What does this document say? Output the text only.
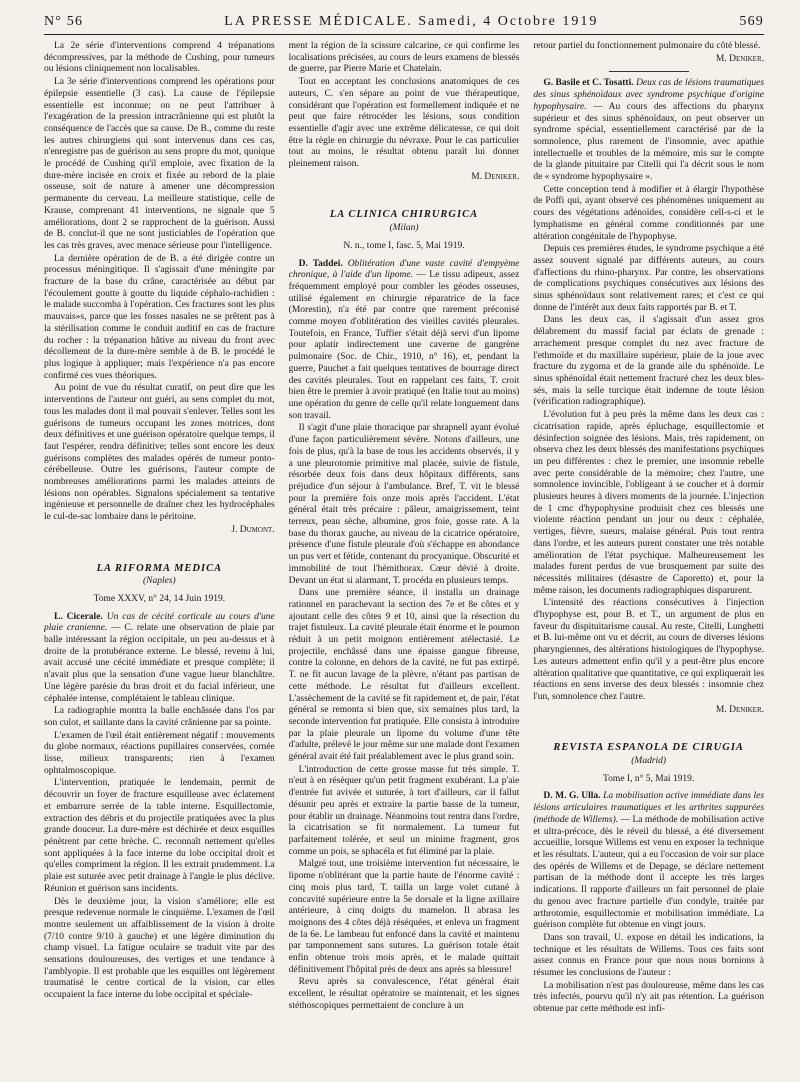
N° 56	LA PRESSE MÉDICALE. Samedi, 4 Octobre 1919	569

La 2e série d'interventions comprend 4 trépanations décompressives, par la méthode de Cushing, pour tumeurs ou lésions cliniquement non localisables.

La 3e série d'interventions comprend les opérations pour épilepsie essentielle (3 cas). La cause de l'épilepsie essentielle est inconnue; on ne peut l'attribuer à l'exagération de la pression intracrânienne qui est plutôt la conséquence de l'accès que sa cause. De B., comme du reste les autres chirurgiens qui sont intervenus dans ces cas, n'enregistre pas de guérison au sens propre du mot, quoique le procédé de Cushing qu'il emploie, avec fixation de la dure-mère incisée en croix et fixée au rebord de la plaie osseuse, soit de nature à amener une décompression permanente du cerveau. La meilleure statistique, celle de Krause, comprenant 41 interventions, ne signale que 5 améliorations, dont 2 se rapprochent de la guérison. Aussi de B. conclut-il que ne sont justiciables de l'opération que les cas très graves, avec menace sérieuse pour l'intelligence.

La dernière opération de de B. a été dirigée contre un processus méningitique. Il s'agissait d'une méningite par fracture de la base du crâne, caractérisée au début par l'écoulement goutte à goutte du liquide céphalo-rachidien : le malade succomba à l'opération. Ces fractures sont les plus mauvais»s, parce que les fosses nasales ne se prêtent pas à la stérilisation comme le conduit auditif en cas de fracture du rocher : la trépanation hâtive au niveau du front avec décollement de la dure-mère semble à de B. le procédé le plus logique à appliquer; mais l'expérience n'a pas encore confirmé ces vues théoriques.

Au point de vue du résultat curatif, on peut dire que les interventions de l'auteur ont guéri, au sens complet du mot, tous les malades dont il mal pouvait s'enlever. Telles sont les guérisons de tumeurs occupant les zones motrices, dont deux définitives et une guérison opératoire quelque temps, il faut l'espérer, rendra définitive; telles sont encore les deux guérisons complètes des malades opérés de tumeur ponto-cérébelleuse. Outre les guérisons, l'auteur compte de nombreuses améliorations parmi les malades atteints de lésions non opérables. Signalons spécialement sa tentative ingénieuse et personnelle de draîner chez les hydrocéphales le cul-de-sac lombaire dans le péritoine.

J. Dumont.
LA RIFORMA MEDICA
(Naples)
Tome XXXV, n° 24, 14 Juin 1919.

L. Cicerale. Un cas de cécité corticale au cours d'une plaie cranienne. — C. relate une observation de plaie par balle intéressant la région occipitale, un peu au-dessus et à droite de la protubérance externe. Le blessé, revenu à lui, avait accusé une cécité immédiate et presque complète; il n'avait plus que la sensation d'une vague lueur blanchâtre. Une légère parésie du bras droit et du facial inférieur, une céphalée intense, complétaient le tableau clinique.

La radiographie montra la balle enchâssée dans l'os par son culot, et saillante dans la cavité crânienne par sa pointe.

L'examen de l'œil était entièrement négatif : mouvements du globe normaux, réactions pupillaires conservées, cornée lisse, milieux transparents; rien à l'examen ophtalmoscopique.

L'intervention, pratiquée le lendemain, permit de découvrir un foyer de fracture esquilleuse avec éclatement et embarrure serrée de la table interne. Esquillectomie, extraction des débris et du projectile pratiquées avec la plus grande douceur. La dure-mère est déchirée et deux esquilles pénètrent par cette brèche. C. reconnaît nettement qu'elles sont appliquées à la face interne du lobe occipital droit et qu'elles compriment la région. Il les extrait prudemment. La plaie est suturée avec petit drainage à l'angle le plus déclive. Réunion et guérison sans incidents.

Dès le deuxième jour, la vision s'améliore; elle est presque redevenue normale le cinquième. L'examen de l'œil montre seulement un affaiblissement de la vision à droite (7/10 contre 9/10 à gauche) et une légère diminution du champ visuel. La fatigue oculaire se traduit vite par des sensations douloureuses, des vertiges et une tendance à l'amblyopie. Il est probable que les esquilles ont légèrement traumatisé le centre cortical de la vision, car elles occupaient la face interne du lobe occipital et spéciale-

ment la région de la scissure calcarine, ce qui confirme les localisations précisées, au cours de leurs examens de blessés de guerre, par Pierre Marie et Chatelain.

Tout en acceptant les conclusions anatomiques de ces auteurs, C. s'en sépare au point de vue thérapeutique, considérant que l'opération est formellement indiquée et ne peut que faire rétrocéder les lésions, sous condition essentielle d'agir avec une extrême délicatesse, ce qui doit être la règle en chirurgie du névraxe. Pour le cas particulier tout au moins, le résultat obtenu paraît lui donner pleinement raison.

M. Deniker.
LA CLINICA CHIRURGICA
(Milan)
N. n., tome I, fasc. 5, Mai 1919.

D. Taddei. Oblitération d'une vaste cavité d'empyème chronique, à l'aide d'un lipome. — Le tissu adipeux, assez fréquemment employé pour combler les géodes osseuses, utilisé également en chirurgie réparatrice de la face (Morestin), n'a été par contre que rarement préconisé comme moyen d'oblitération des vieilles cavités pleurales. Toutefois, en France, Tuffier s'était déjà servi d'un lipome pour aplatir indirectement une caverne de gangrène pulmonaire (Soc. de Chir., 1910, n° 16), et, pendant la guerre, Pauchet a fait quelques tentatives de bourrage direct des cavités pleurales. Tout en rappelant ces faits, T. croit bien être le premier à avoir pratiqué (en Italie tout au moins) une opération du genre de celle qu'il relate longuement dans son travail.

Il s'agit d'une plaie thoracique par shrapnell ayant évolué d'une façon particulièrement sévère. Notons d'ailleurs, une fois de plus, qu'à la base de tous les accidents observés, il y a une pleurotomie primitive mal placée, suivie de fistule, résorbée deux fois dans deux hôpitaux différents, sans préjudice d'un séjour à l'ambulance. Bref, T. vit le blessé pour la première fois onze mois après l'accident. L'état général était très précaire : pâleur, amaigrissement, teint terreux, peau sèche, albumine, gros foie, gosse rate. A la base du thorax gauche, au niveau de la cicatrice opératoire, présence d'une fistule pleurale d'où s'échappe en abondance un pus vert et fétide, contenant du procyanique. Obscurité et immobilité de tout l'hémithorax. Cœur dévié à droite. Devant un état si alarmant, T. procéda en plusieurs temps.

Dans une première séance, il installa un drainage rationnel en parachevant la section des 7e et 8e côtes et y ajoutant celle des côtes 9 et 10, ainsi que la résection du trajet fistuleux. La cavité pleurale était énorme et le poumon réduit à un petit moignon entièrement atélectasié. Le projectile, enchâssé dans une épaisse gangue fibreuse, contre la colonne, en dehors de la cavité, ne fut pas extirpé. T. ne fit aucun lavage de la plèvre, n'étant pas partisan de cette méthode. Le résultat fut d'ailleurs excellent. L'assèchement de la cavité se fit rapidement et, de pair, l'état général se remonta si bien que, six semaines plus tard, la seconde intervention fut pratiquée. Elle consista à introduire par la plaie pleurale un lipome du volume d'une tête d'adulte, prélevé le jour même sur une malade dont l'examen général avait été fait préalablement avec le plus grand soin.

L'introduction de cette grosse masse fut très simple. T. n'eut à en résèquer qu'un petit fragment exubérant. La p'aie d'entrée fut avivée et suturée, à tort d'ailleurs, car il fallut désunir peu après et extraire la partie basse de la tumeur, pour établir un drainage. Néanmoins tout rentra dans l'ordre, la cicatrisation se fit normalement. La tumeur fut parfaitement tolérée, et seul un minime fragment, gros comme un pois, se sphacéla et fut éliminé par la plaie.

Malgré tout, une troisième intervention fut nécessaire, le lipome n'oblitérant que la partie haute de l'énorme cavité : cinq mois plus tard, T. tailla un large volet cutané à concavité supérieure entre la 5e dorsale et la ligne axillaire antérieure, à cinq doigts du mamelon. Il abrasa les moignons des 4 côtes déjà réséquées, et enleva un fragment de la 6e. Le lambeau fut enfoncé dans la cavité et maintenu par tamponnement sans sutures. La guérison totale était enfin obtenue trois mois après, et le malade quittait définitivement l'hôpital près de deux ans après sa blessure!

Revu après sa convalescence, l'état général était excellent, le résultat opératoire se maintenait, et les signes stéthoscopiques permettaient de conclure à un

retour partiel du fonctionnement pulmonaire du côté blessé.

M. Deniker.

G. Basile et C. Tosatti. Deux cas de lésions traumatiques des sinus sphénoïdaux avec syndrome psychique d'origine hypophysaire. — Au cours des affections du pharynx supérieur et des sinus sphénoïdaux, on peut observer un syndrome spécial, essentiellement caractérisé par de la somnolence, plus rarement de l'insomnie, avec apathie intellectuelle et troubles de la mémoire, mis sur le compte de la glande pituitaire par Citelli qui l'a décrit sous le nom de « syndrome hypophysaire ».

Cette conception tend à modifier et à élargir l'hypothèse de Poffi qui, ayant observé ces phénomènes uniquement au cours des végétations adénoïdes, considère cell-s-ci et le lymphatisme en général comme conditionnés par une altération congénitale de l'hypophyse.

Depuis ces premières études, le syndrome psychique a été assez souvent signalé par différents auteurs, au cours d'affections du rhino-pharynx. Par contre, les observations de complications psychiques consécutives aux lésions des sinus sphénoïdaux sont relativement rares; et c'est ce qui donne de l'intérêt aux deux faits rapportés par B. et T.

Dans les deux cas, il s'agissait d'un assez gros délabrement du massif facial par éclats de grenade : arrachement presque complet du nez avec fracture de l'ethmoïde et du maxillaire supérieur, plaie de la joue avec fracture du zygoma et de la grande aile du sphénoïde. Le sinus sphénoïdal était nettement fracturé chez les deux bles-sés, mais la selle turcique était indemne de toute lésion (vérification radiographique).

L'évolution fut à peu près la même dans les deux cas : cicatrisation rapide, après épluchage, esquillectomie et désinfection soignée des lésions. Mais, très rapidement, on observa chez les deux blessés des manifestations psychiques un peu différentes : chez le premier, une insomnie rebelle avec perte considérable de la mémoire; chez l'autre, une somnolence invincible, l'obligeant à se coucher et à dormir plusieurs heures à divers moments de la journée. L'injection de 1 cmc d'hypophysine produisit chez ces blessés une violente réaction pendant un jour ou deux : céphalée, vertiges, fièvre, sueurs, malaise général. Puis tout rentra dans l'ordre, et les auteurs purent constater une très notable amélioration de l'état psychique. Malheureusement les malades furent perdus de vue brusquement par suite des nécessités militaires (désastre de Caporetto) et, pour la même raison, les documents radiographiques disparurent.

L'intensité des réactions consécutives à l'injection d'hypophyse est, pour B. et T., un argument de plus en faveur du dispituitarisme causal. Au reste, Citelli, Lunghetti et B. lui-même ont vu et décrit, au cours de diverses lésions pharyngiennes, des altérations histologiques de l'hypophyse. Les auteurs admettent enfin qu'il y a peut-être plus encore altération qualitative que quantitative, ce qui expliquerait les réactions en sens inverse des deux blessés : insomnie chez l'un, somnolence chez l'autre.

M. Deniker.
REVISTA ESPANOLA DE CIRUGIA
(Madrid)
Tome I, n° 5, Mai 1919.

D. M. G. Ulla. La mobilisation active immédiate dans les lésions articulaires traumatiques et les arthrites suppurées (méthode de Willems). — La méthode de mobilisation active et ultra-précoce, dès le réveil du blessé, a été diversement accueillie, lorsque Willems est venu en exposer la technique et les résultats. L'auteur, qui a eu l'occasion de voir sur place des opérés de Willems et de Depage, se déclare nettement partisan de la méthode dont il accepte les très larges indications. Il rapporte d'ailleurs un fait personnel de plaie du genou avec fracture partielle d'un condyle, traitée par arthrotomie, esquillectomie et mobilisation immédiate. La guérison complète fut obtenue en vingt jours.

Dans son travail, U. expose en détail les indications, la technique et les résultats de Willems. Tous ces faits sont assez connus en France pour que nous nous bornions à résumer les conclusions de l'auteur :

La mobilisation n'est pas douloureuse, même dans les cas très infectés, pourvu qu'il n'y ait pas rétention. La guérison obtenue par cette méthode est infi-
